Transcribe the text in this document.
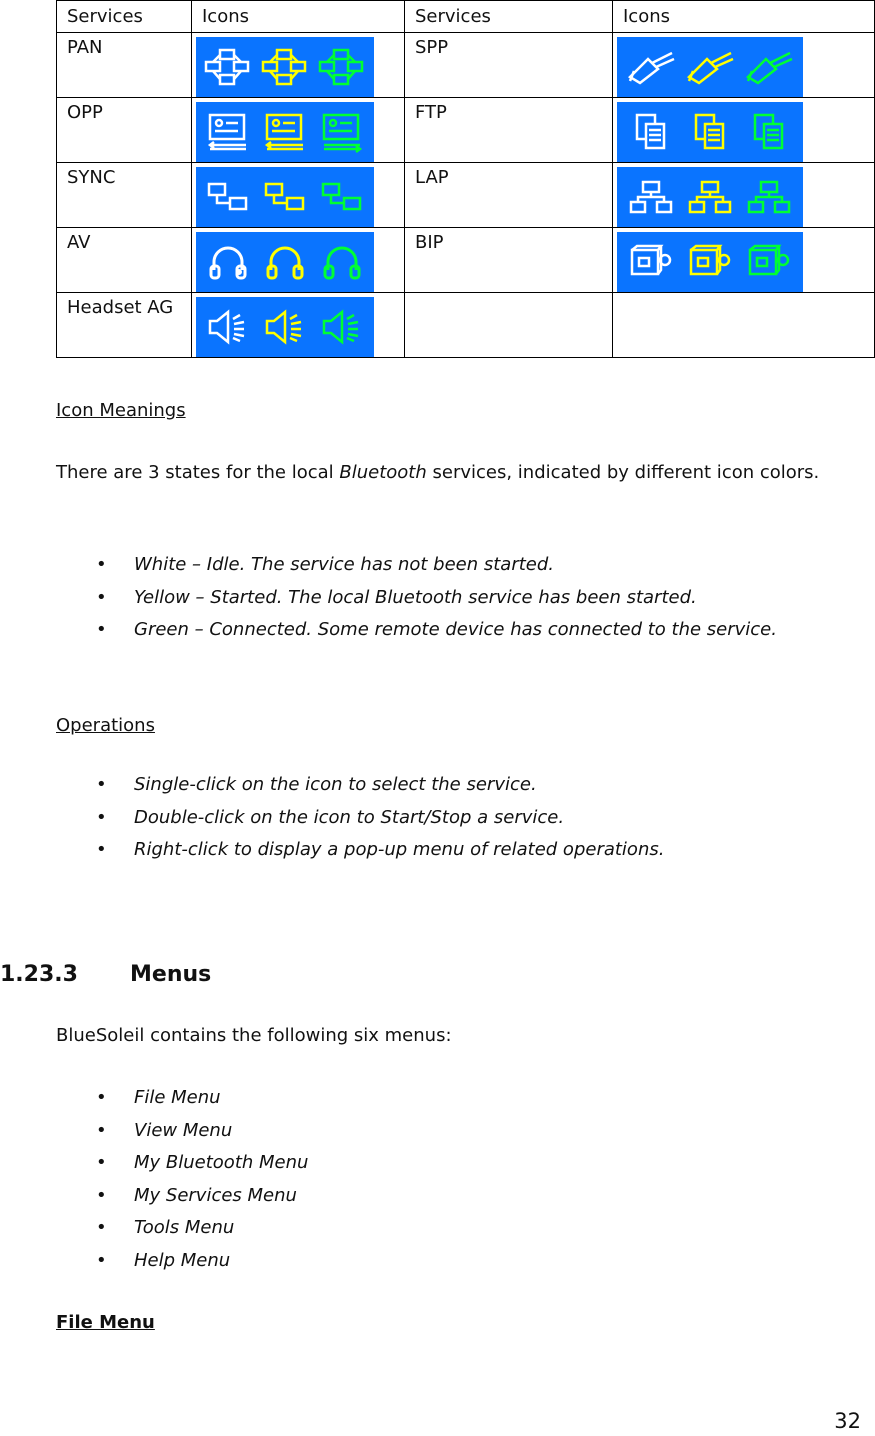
Services	Icons	Services	Icons
PAN		SPP	

OPP		FTP	

SYNC		LAP	

AV		BIP	

Headset AG	

Icon Meanings

There are 3 states for the local Bluetooth services, indicated by different icon colors.

• White – Idle. The service has not been started.
• Yellow – Started. The local Bluetooth service has been started.
• Green – Connected. Some remote device has connected to the service.

Operations

• Single-click on the icon to select the service.
• Double-click on the icon to Start/Stop a service.
• Right-click to display a pop-up menu of related operations.
1.23.3 Menus

BlueSoleil contains the following six menus:

• File Menu
• View Menu
• My Bluetooth Menu
• My Services Menu
• Tools Menu
• Help Menu

File Menu

32
